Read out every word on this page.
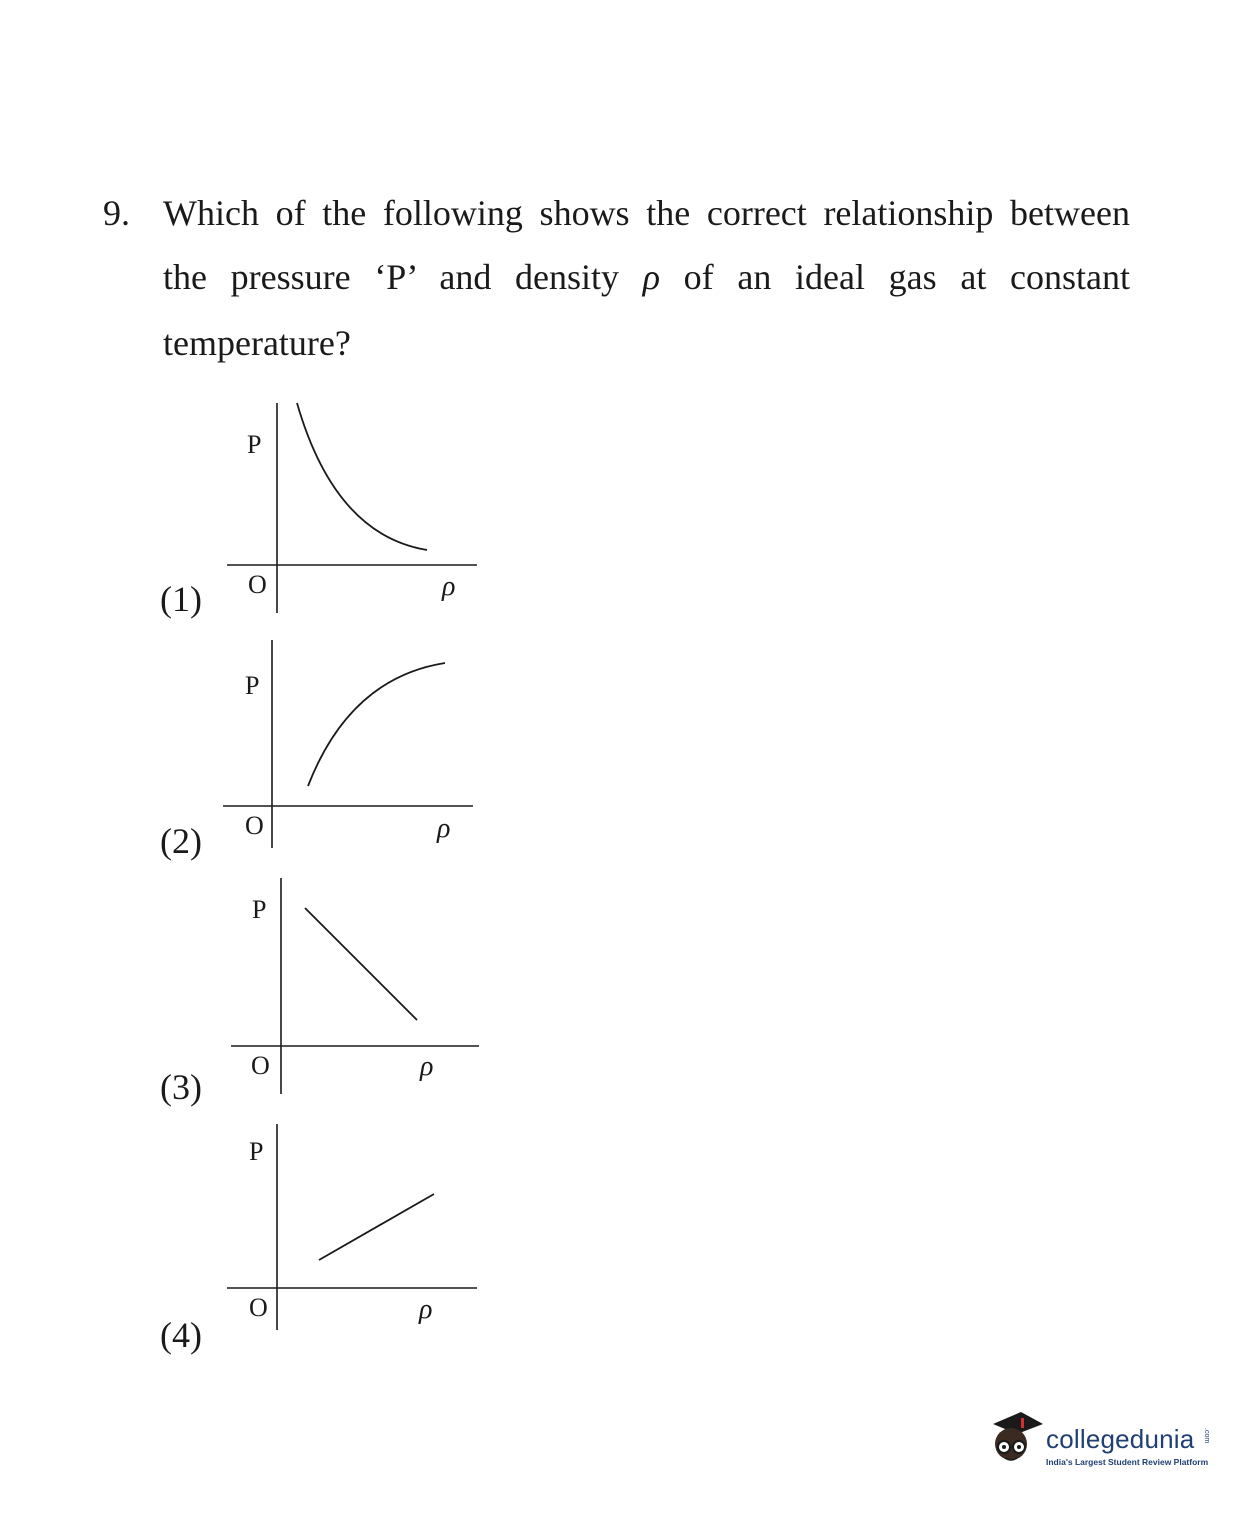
9. Which of the following shows the correct relationship between
the pressure ‘P’ and density ρ of an ideal gas at constant
temperature?
(1)
P
O	ρ
(2)
P
O	ρ
(3)
P
O	ρ
(4)
P
O	ρ
collegedunia .com
India's Largest Student Review Platform
